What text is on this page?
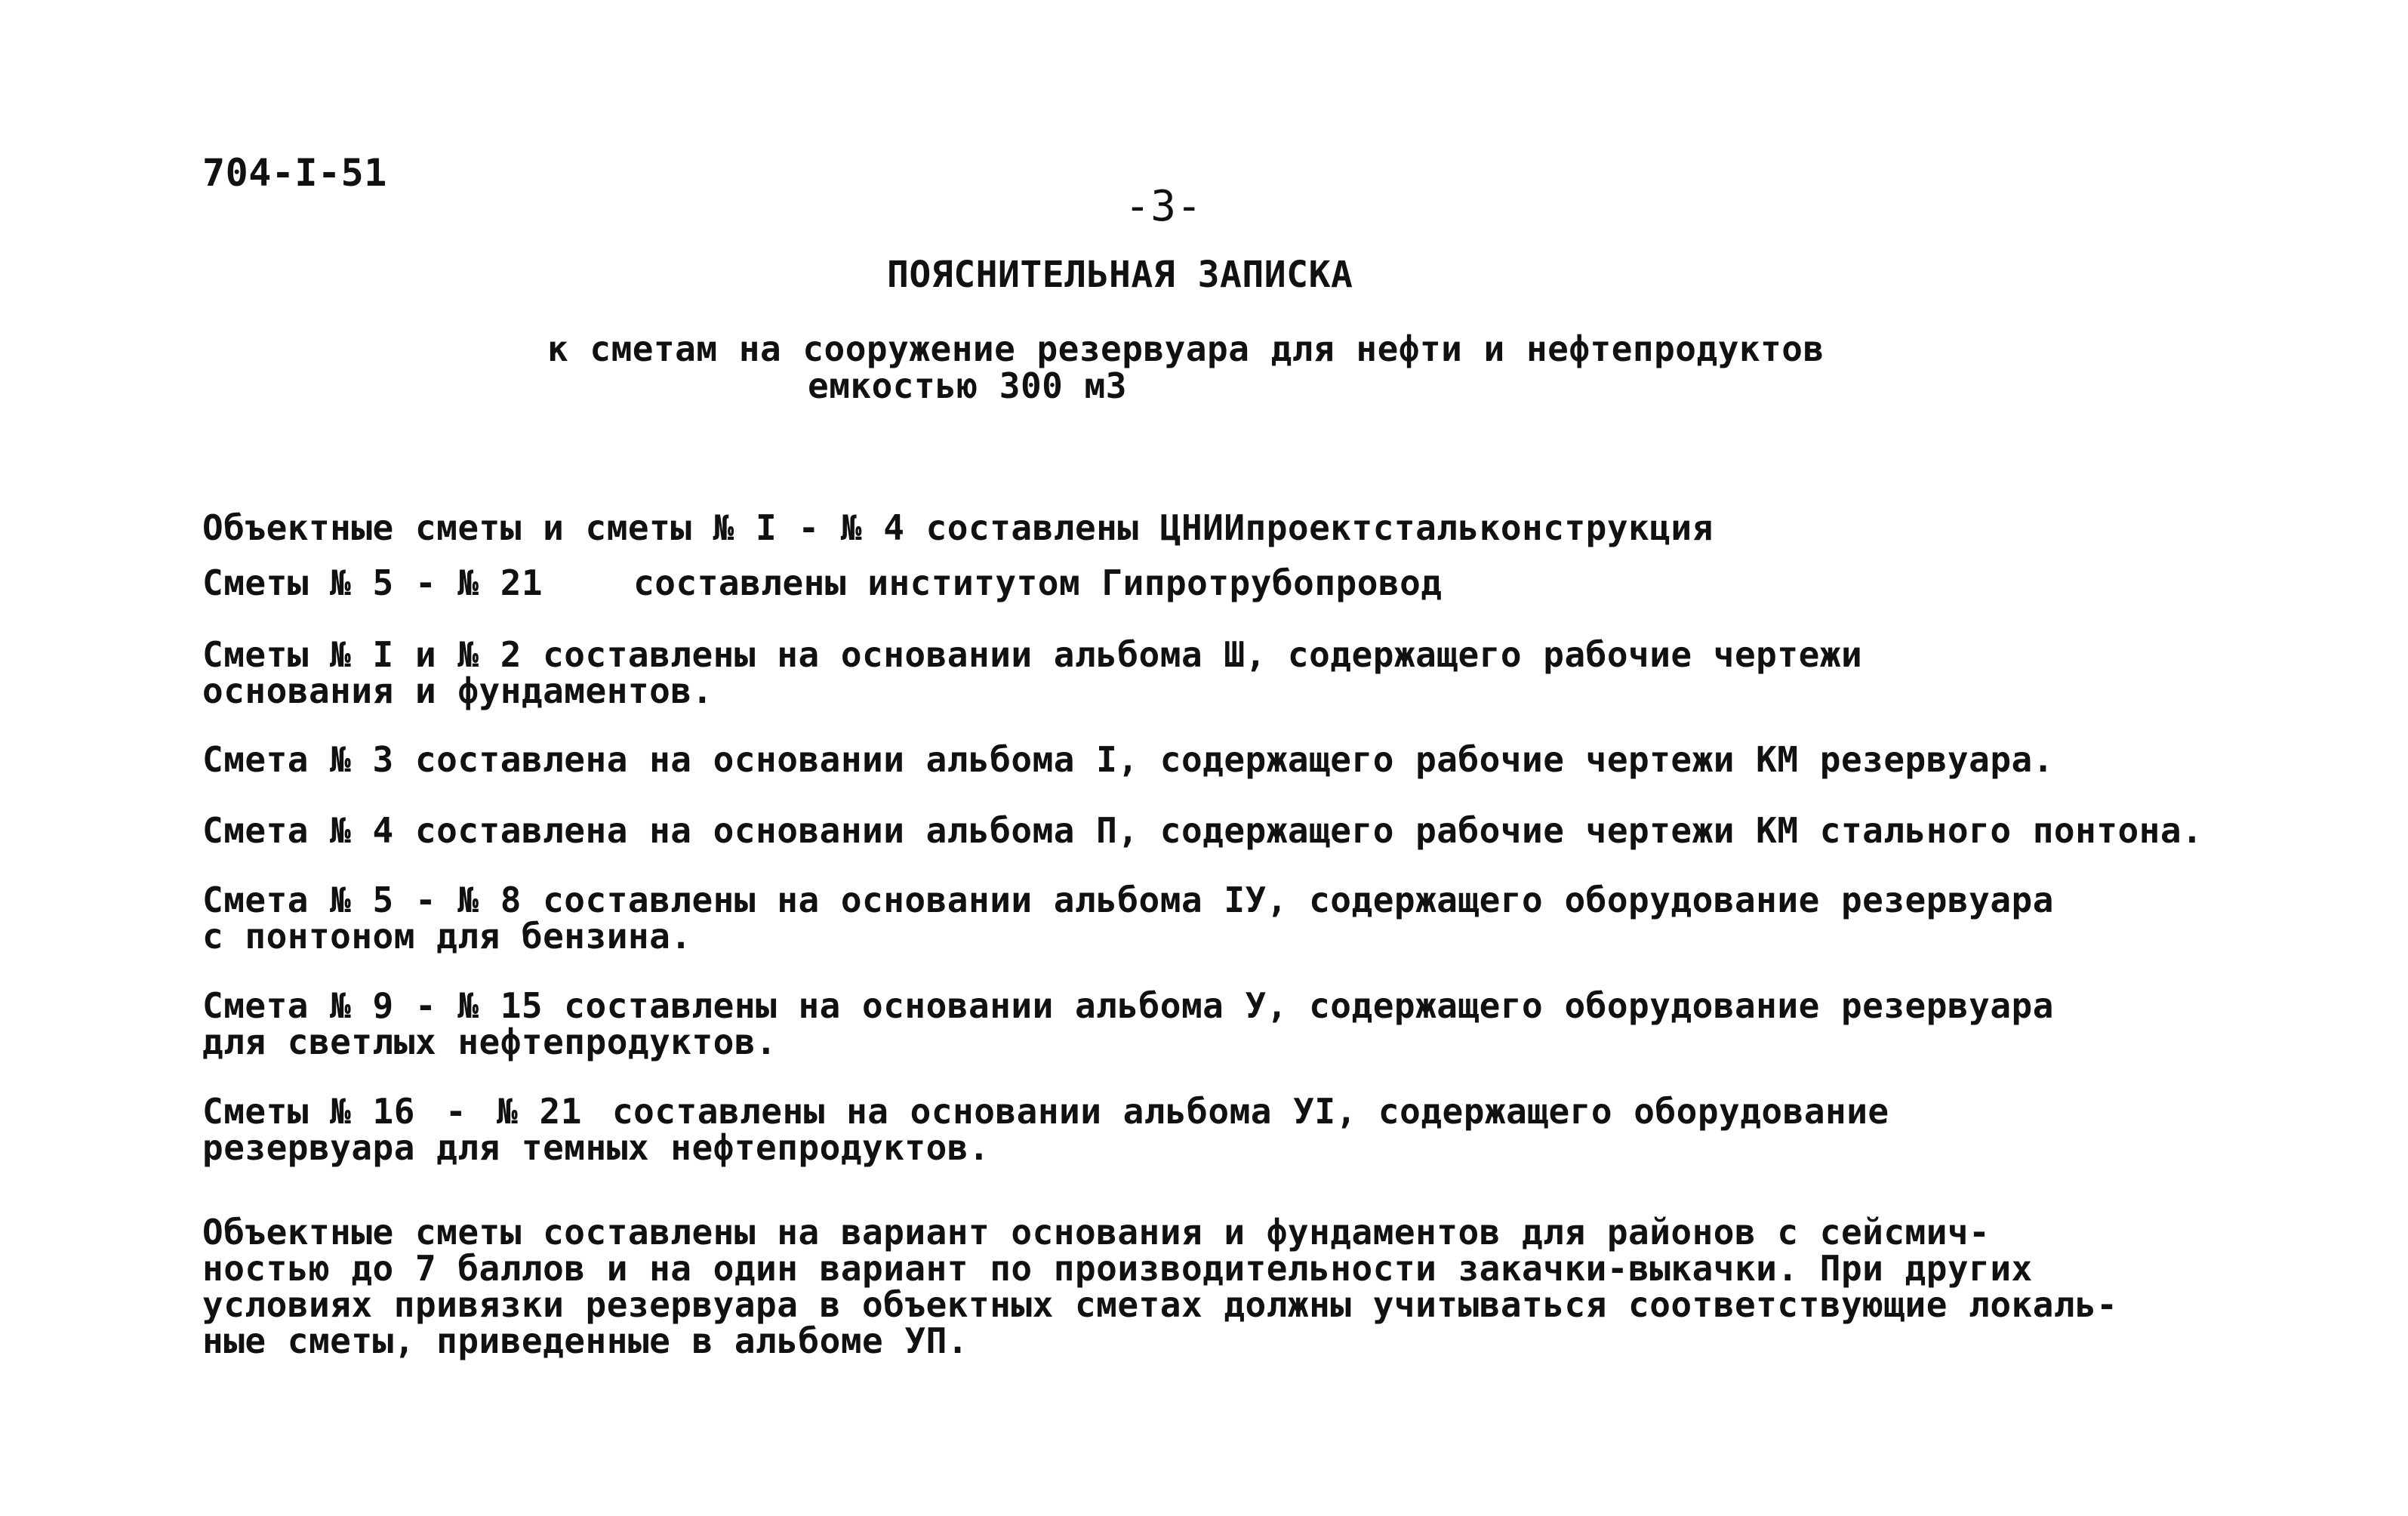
704-I-51
-3-
ПОЯСНИТЕЛЬНАЯ ЗАПИСКА
к сметам на сооружение резервуара для нефти и нефтепродуктов
емкостью 300 м3
Объектные сметы и сметы № I - № 4 составлены ЦНИИпроектстальконструкция
Сметы № 5 - № 21	составлены институтом Гипротрубопровод
Сметы № I и № 2 составлены на основании альбома Ш, содержащего рабочие чертежи
основания и фундаментов.
Смета № 3 составлена на основании альбома I, содержащего рабочие чертежи КМ резервуара.
Смета № 4 составлена на основании альбома П, содержащего рабочие чертежи КМ стального понтона.
Смета № 5 - № 8 составлены на основании альбома IУ, содержащего оборудование резервуара
с понтоном для бензина.
Смета № 9 - № 15 составлены на основании альбома У, содержащего оборудование резервуара
для светлых нефтепродуктов.
Сметы № 16 - № 21 составлены на основании альбома УI, содержащего оборудование
резервуара для темных нефтепродуктов.
Объектные сметы составлены на вариант основания и фундаментов для районов с сейсмич-
ностью до 7 баллов и на один вариант по производительности закачки-выкачки. При других
условиях привязки резервуара в объектных сметах должны учитываться соответствующие локаль-
ные сметы, приведенные в альбоме УП.
